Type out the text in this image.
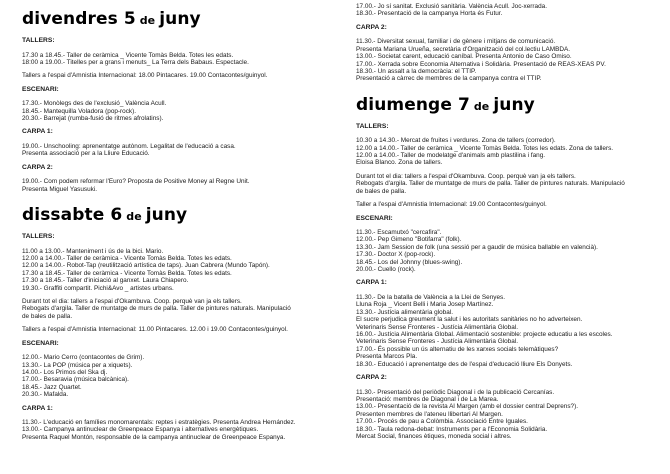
divendres 5 de juny
TALLERS:
17.30 a 18.45.- Taller de ceràmica _ Vicente Tomàs Belda. Totes les edats.
18:00 a 19.00.- Titelles per a grans i menuts_ La Terra dels Babaus. Espectacle.
Tallers a l'espai d'Amnistia Internacional: 18.00 Pintacares. 19.00 Contacontes/guinyol.
ESCENARI:
17.30.- Monòlegs des de l'exclusió_ València Acull.
18.45.- Mantequilla Voladora (pop-rock).
20.30.- Barrejat (rumba-fusió de ritmes afrolatins).
CARPA 1:
19.00.- Unschooling: aprenentatge autònom. Legalitat de l'educació a casa.
Presenta associació per a la Lliure Educació.
CARPA 2:
19.00.- Com podem reformar l'Euro? Proposta de Positive Money al Regne Unit.
Presenta Miguel Yasusuki.
dissabte 6 de juny
TALLERS:
11.00 a 13.00.- Manteniment i ús de la bici. Mario.
12.00 a 14.00.- Taller de ceràmica - Vicente Tomàs Belda. Totes les edats.
12.00 a 14.00.- Robot-Tap (reutilització artística de taps). Juan Cabrera (Mundo Tapón).
17.30 a 18.45.- Taller de ceràmica - Vicente Tomàs Belda. Totes les edats.
17.30 a 18.45.- Taller d'iniciació al ganxet. Laura Chiapero.
19.30.- Graffiti compartit. Pichi&Avo _ artistes urbans.
Durant tot el dia: tallers a l'espai d'Okambuva. Coop. perquè van ja els tallers.
Rebogats d'argila. Taller de muntatge de murs de palla. Taller de pintures naturals. Manipulació
de bales de palla.
Tallers a l'espai d'Amnistia Internacional: 11.00 Pintacares. 12.00 i 19.00 Contacontes/guinyol.
ESCENARI:
12.00.- Mario Cerro (contacontes de Grim).
13.30.- La POP (música per a xiquets).
14.00.- Los Primos del Ska dj.
17.00.- Besaravia (música balcànica).
18.45.- Jazz Quartet.
20.30.- Mafalda.
CARPA 1:
11.30.- L'educació en famílies monomarentals: reptes i estratègies. Presenta Andrea Hernández.
13.00.- Campanya antinuclear de Greenpeace Espanya i alternatives energètiques.
Presenta Raquel Montón, responsable de la campanya antinuclear de Greenpeace Espanya.
17.00.- Jo sí sanitat. Exclusió sanitària. València Acull. Joc-xerrada.
18.30.- Presentació de la campanya Horta és Futur.
CARPA 2:
11.30.- Diversitat sexual, familiar i de gènere i mitjans de comunicació.
Presenta Mariana Urueña, secretària d'Organització del col.lectiu LAMBDA.
13.00.- Societat carent, educació caníbal. Presenta Antonio de Caso Omiso.
17.00.- Xerrada sobre Economia Alternativa i Solidària. Presentació de REAS-XEAS PV.
18.30.- Un assalt a la democràcia: el TTIP.
Presentació a càrrec de membres de la campanya contra el TTIP.
diumenge 7 de juny
TALLERS:
10.30 a 14.30.- Mercat de fruites i verdures. Zona de tallers (corredor).
12.00 a 14.00.- Taller de ceràmica _ Vicente Tomàs Belda. Totes les edats. Zona de tallers.
12.00 a 14.00.- Taller de modelatge d'animals amb plastilina i fang.
Eloisa Blanco. Zona de tallers.
Durant tot el dia: tallers a l'espai d'Okambuva. Coop. perquè van ja els tallers.
Rebogats d'argila. Taller de muntatge de murs de palla. Taller de pintures naturals. Manipulació
de bales de palla.
Taller a l'espai d'Amnistia Internacional: 19.00 Contacontes/guinyol.
ESCENARI:
11.30.- Escamutxó "cercafira".
12.00.- Pep Gimeno "Botifarra" (folk).
13.30.- Jam Session de folk (una sessió per a gaudir de música ballable en valencià).
17.30.- Doctor X (pop-rock).
18.45.- Los del Johnny (blues-swing).
20.00.- Cuello (rock).
CARPA 1:
11.30.- De la batalla de València a la Llei de Senyes.
Lluna Roja _ Vicent Belli i Maria Josep Martínez.
13.30.- Justícia alimentària global.
El sucre perjudica greument la salut i les autoritats sanitàries no ho adverteixen.
Veterinaris Sense Fronteres - Justícia Alimentària Global.
16.00.- Justícia Alimentària Global. Alimentació sostenible: projecte educatiu a les escoles.
Veterinaris Sense Fronteres - Justícia Alimentària Global.
17.00.- És possible un ús alternatiu de les xarxes socials telemàtiques?
Presenta Marcos Pla.
18.30.- Educació i aprenentatge des de l'espai d'educació lliure Els Donyets.
CARPA 2:
11.30.- Presentació del periòdic Diagonal i de la publicació Cercanías.
Presentació: membres de Diagonal i de La Marea.
13.00.- Presentació de la revista Al Margen (amb el dossier central Deprens?).
Presenten membres de l'ateneu llibertari Al Margen.
17.00.- Procés de pau a Colòmbia. Associació Entre Iguales.
18.30.- Taula redona-debat: Instruments per a l'Economia Solidària.
Mercat Social, finances ètiques, moneda social i altres.
